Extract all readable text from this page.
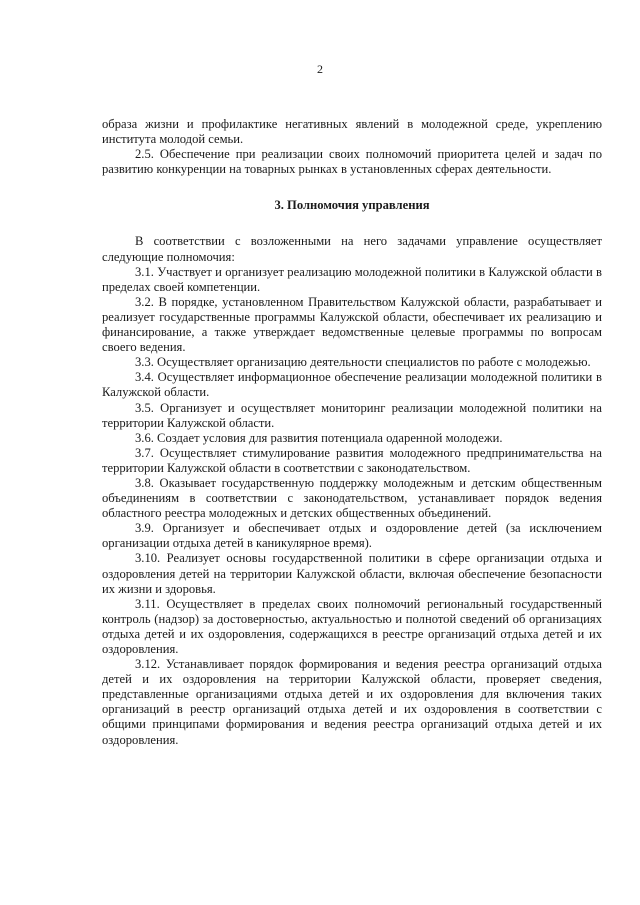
2

образа жизни и профилактике негативных явлений в молодежной среде, укреплению института молодой семьи.

2.5. Обеспечение при реализации своих полномочий приоритета целей и задач по развитию конкуренции на товарных рынках в установленных сферах деятельности.

3. Полномочия управления

В соответствии с возложенными на него задачами управление осуществляет следующие полномочия:

3.1. Участвует и организует реализацию молодежной политики в Калужской области в пределах своей компетенции.

3.2. В порядке, установленном Правительством Калужской области, разрабатывает и реализует государственные программы Калужской области, обеспечивает их реализацию и финансирование, а также утверждает ведомственные целевые программы по вопросам своего ведения.

3.3. Осуществляет организацию деятельности специалистов по работе с молодежью.

3.4. Осуществляет информационное обеспечение реализации молодежной политики в Калужской области.

3.5. Организует и осуществляет мониторинг реализации молодежной политики на территории Калужской области.

3.6. Создает условия для развития потенциала одаренной молодежи.

3.7. Осуществляет стимулирование развития молодежного предпринимательства на территории Калужской области в соответствии с законодательством.

3.8. Оказывает государственную поддержку молодежным и детским общественным объединениям в соответствии с законодательством, устанавливает порядок ведения областного реестра молодежных и детских общественных объединений.

3.9. Организует и обеспечивает отдых и оздоровление детей (за исключением организации отдыха детей в каникулярное время).

3.10. Реализует основы государственной политики в сфере организации отдыха и оздоровления детей на территории Калужской области, включая обеспечение безопасности их жизни и здоровья.

3.11. Осуществляет в пределах своих полномочий региональный государственный контроль (надзор) за достоверностью, актуальностью и полнотой сведений об организациях отдыха детей и их оздоровления, содержащихся в реестре организаций отдыха детей и их оздоровления.

3.12. Устанавливает порядок формирования и ведения реестра организаций отдыха детей и их оздоровления на территории Калужской области, проверяет сведения, представленные организациями отдыха детей и их оздоровления для включения таких организаций в реестр организаций отдыха детей и их оздоровления в соответствии с общими принципами формирования и ведения реестра организаций отдыха детей и их оздоровления.
